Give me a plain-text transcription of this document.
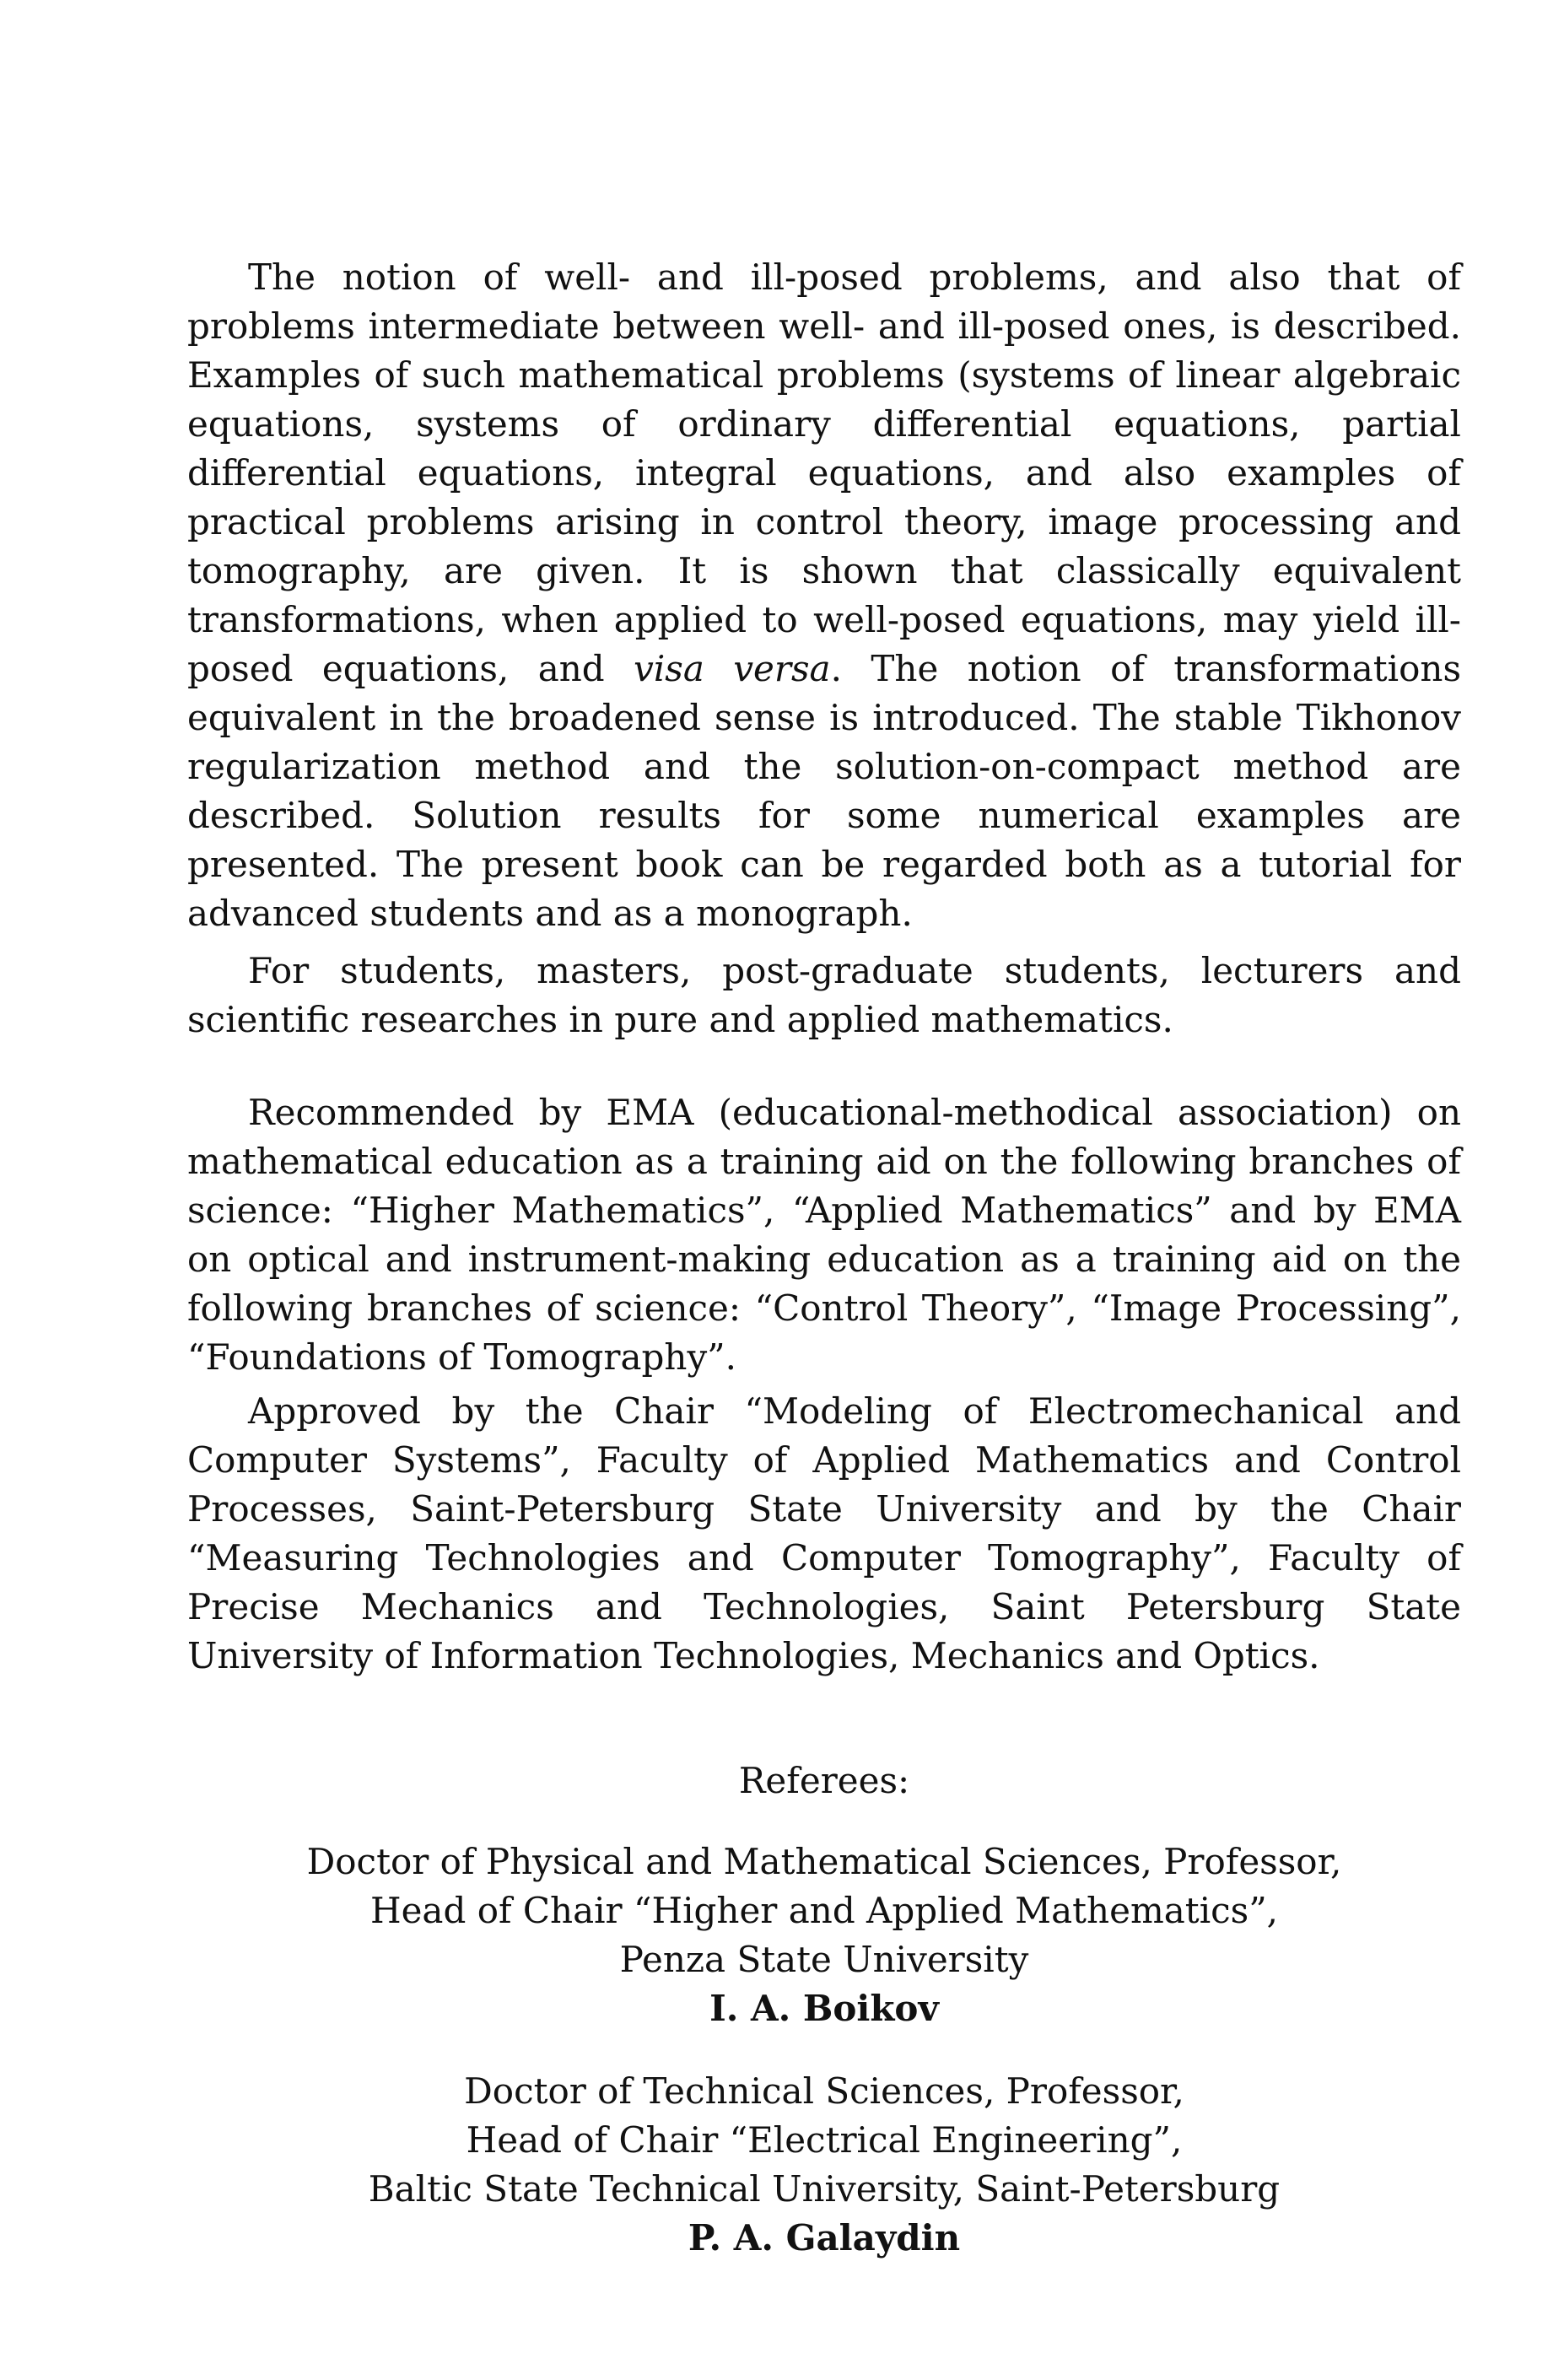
The notion of well- and ill-posed problems, and also that of problems intermediate between well- and ill-posed ones, is described. Examples of such mathematical problems (systems of linear algebraic equations, systems of ordinary differential equations, partial differential equations, integral equations, and also examples of practical problems arising in control theory, image processing and tomography, are given. It is shown that classically equivalent transformations, when applied to well-posed equations, may yield ill-posed equations, and visa versa. The notion of transformations equivalent in the broadened sense is introduced. The stable Tikhonov regularization method and the solution-on-compact method are described. Solution results for some numerical examples are presented. The present book can be regarded both as a tutorial for advanced students and as a monograph.

For students, masters, post-graduate students, lecturers and scientific researches in pure and applied mathematics.

Recommended by EMA (educational-methodical association) on mathematical education as a training aid on the following branches of science: “Higher Mathematics”, “Applied Mathematics” and by EMA on optical and instrument-making education as a training aid on the following branches of science: “Control Theory”, “Image Processing”, “Foundations of Tomography”.

Approved by the Chair “Modeling of Electromechanical and Computer Systems”, Faculty of Applied Mathematics and Control Processes, Saint-Petersburg State University and by the Chair “Measuring Technologies and Computer Tomography”, Faculty of Precise Mechanics and Technologies, Saint Petersburg State University of Information Technologies, Mechanics and Optics.

Referees:
Doctor of Physical and Mathematical Sciences, Professor,
Head of Chair “Higher and Applied Mathematics”,
Penza State University
I. A. Boikov
Doctor of Technical Sciences, Professor,
Head of Chair “Electrical Engineering”,
Baltic State Technical University, Saint-Petersburg
P. A. Galaydin
